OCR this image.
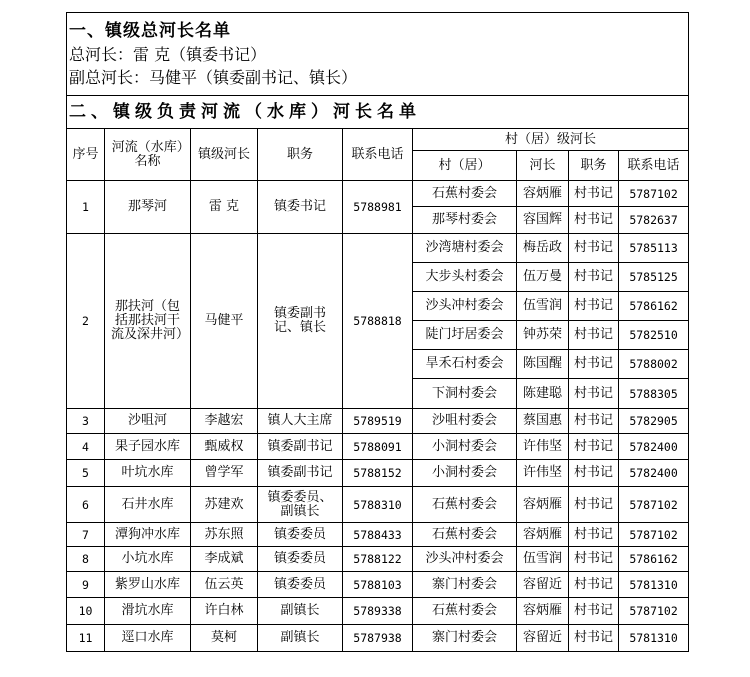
一、镇级总河长名单
总河长：雷 克（镇委书记）
副总河长：马健平（镇委副书记、镇长）								

二、镇级负责河流（水库）河长名单								
序号	河流（水库）名称	镇级河长	职务	联系电话	村（居）级河长			
					村（居）	河长	职务	联系电话
1	那琴河	雷 克	镇委书记	5788981	石蕉村委会	容炳雁	村书记	5787102
					那琴村委会	容国辉	村书记	5782637
2	那扶河（包括那扶河干流及深井河）	马健平	镇委副书记、镇长	5788818	沙湾塘村委会	梅岳政	村书记	5785113
					大步头村委会	伍万曼	村书记	5785125
					沙头冲村委会	伍雪润	村书记	5786162
					陡门圩居委会	钟苏荣	村书记	5782510
					旱禾石村委会	陈国醒	村书记	5788002
					下洞村委会	陈建聪	村书记	5788305
3	沙咀河	李越宏	镇人大主席	5789519	沙咀村委会	蔡国惠	村书记	5782905
4	果子园水库	甄威权	镇委副书记	5788091	小洞村委会	许伟坚	村书记	5782400
5	叶坑水库	曾学军	镇委副书记	5788152	小洞村委会	许伟坚	村书记	5782400
6	石井水库	苏建欢	镇委委员、副镇长	5788310	石蕉村委会	容炳雁	村书记	5787102
7	潭狗冲水库	苏东照	镇委委员	5788433	石蕉村委会	容炳雁	村书记	5787102
8	小坑水库	李成斌	镇委委员	5788122	沙头冲村委会	伍雪润	村书记	5786162
9	紫罗山水库	伍云英	镇委委员	5788103	寨门村委会	容留近	村书记	5781310
10	滑坑水库	许白林	副镇长	5789338	石蕉村委会	容炳雁	村书记	5787102
11	逕口水库	莫柯	副镇长	5787938	寨门村委会	容留近	村书记	5781310
